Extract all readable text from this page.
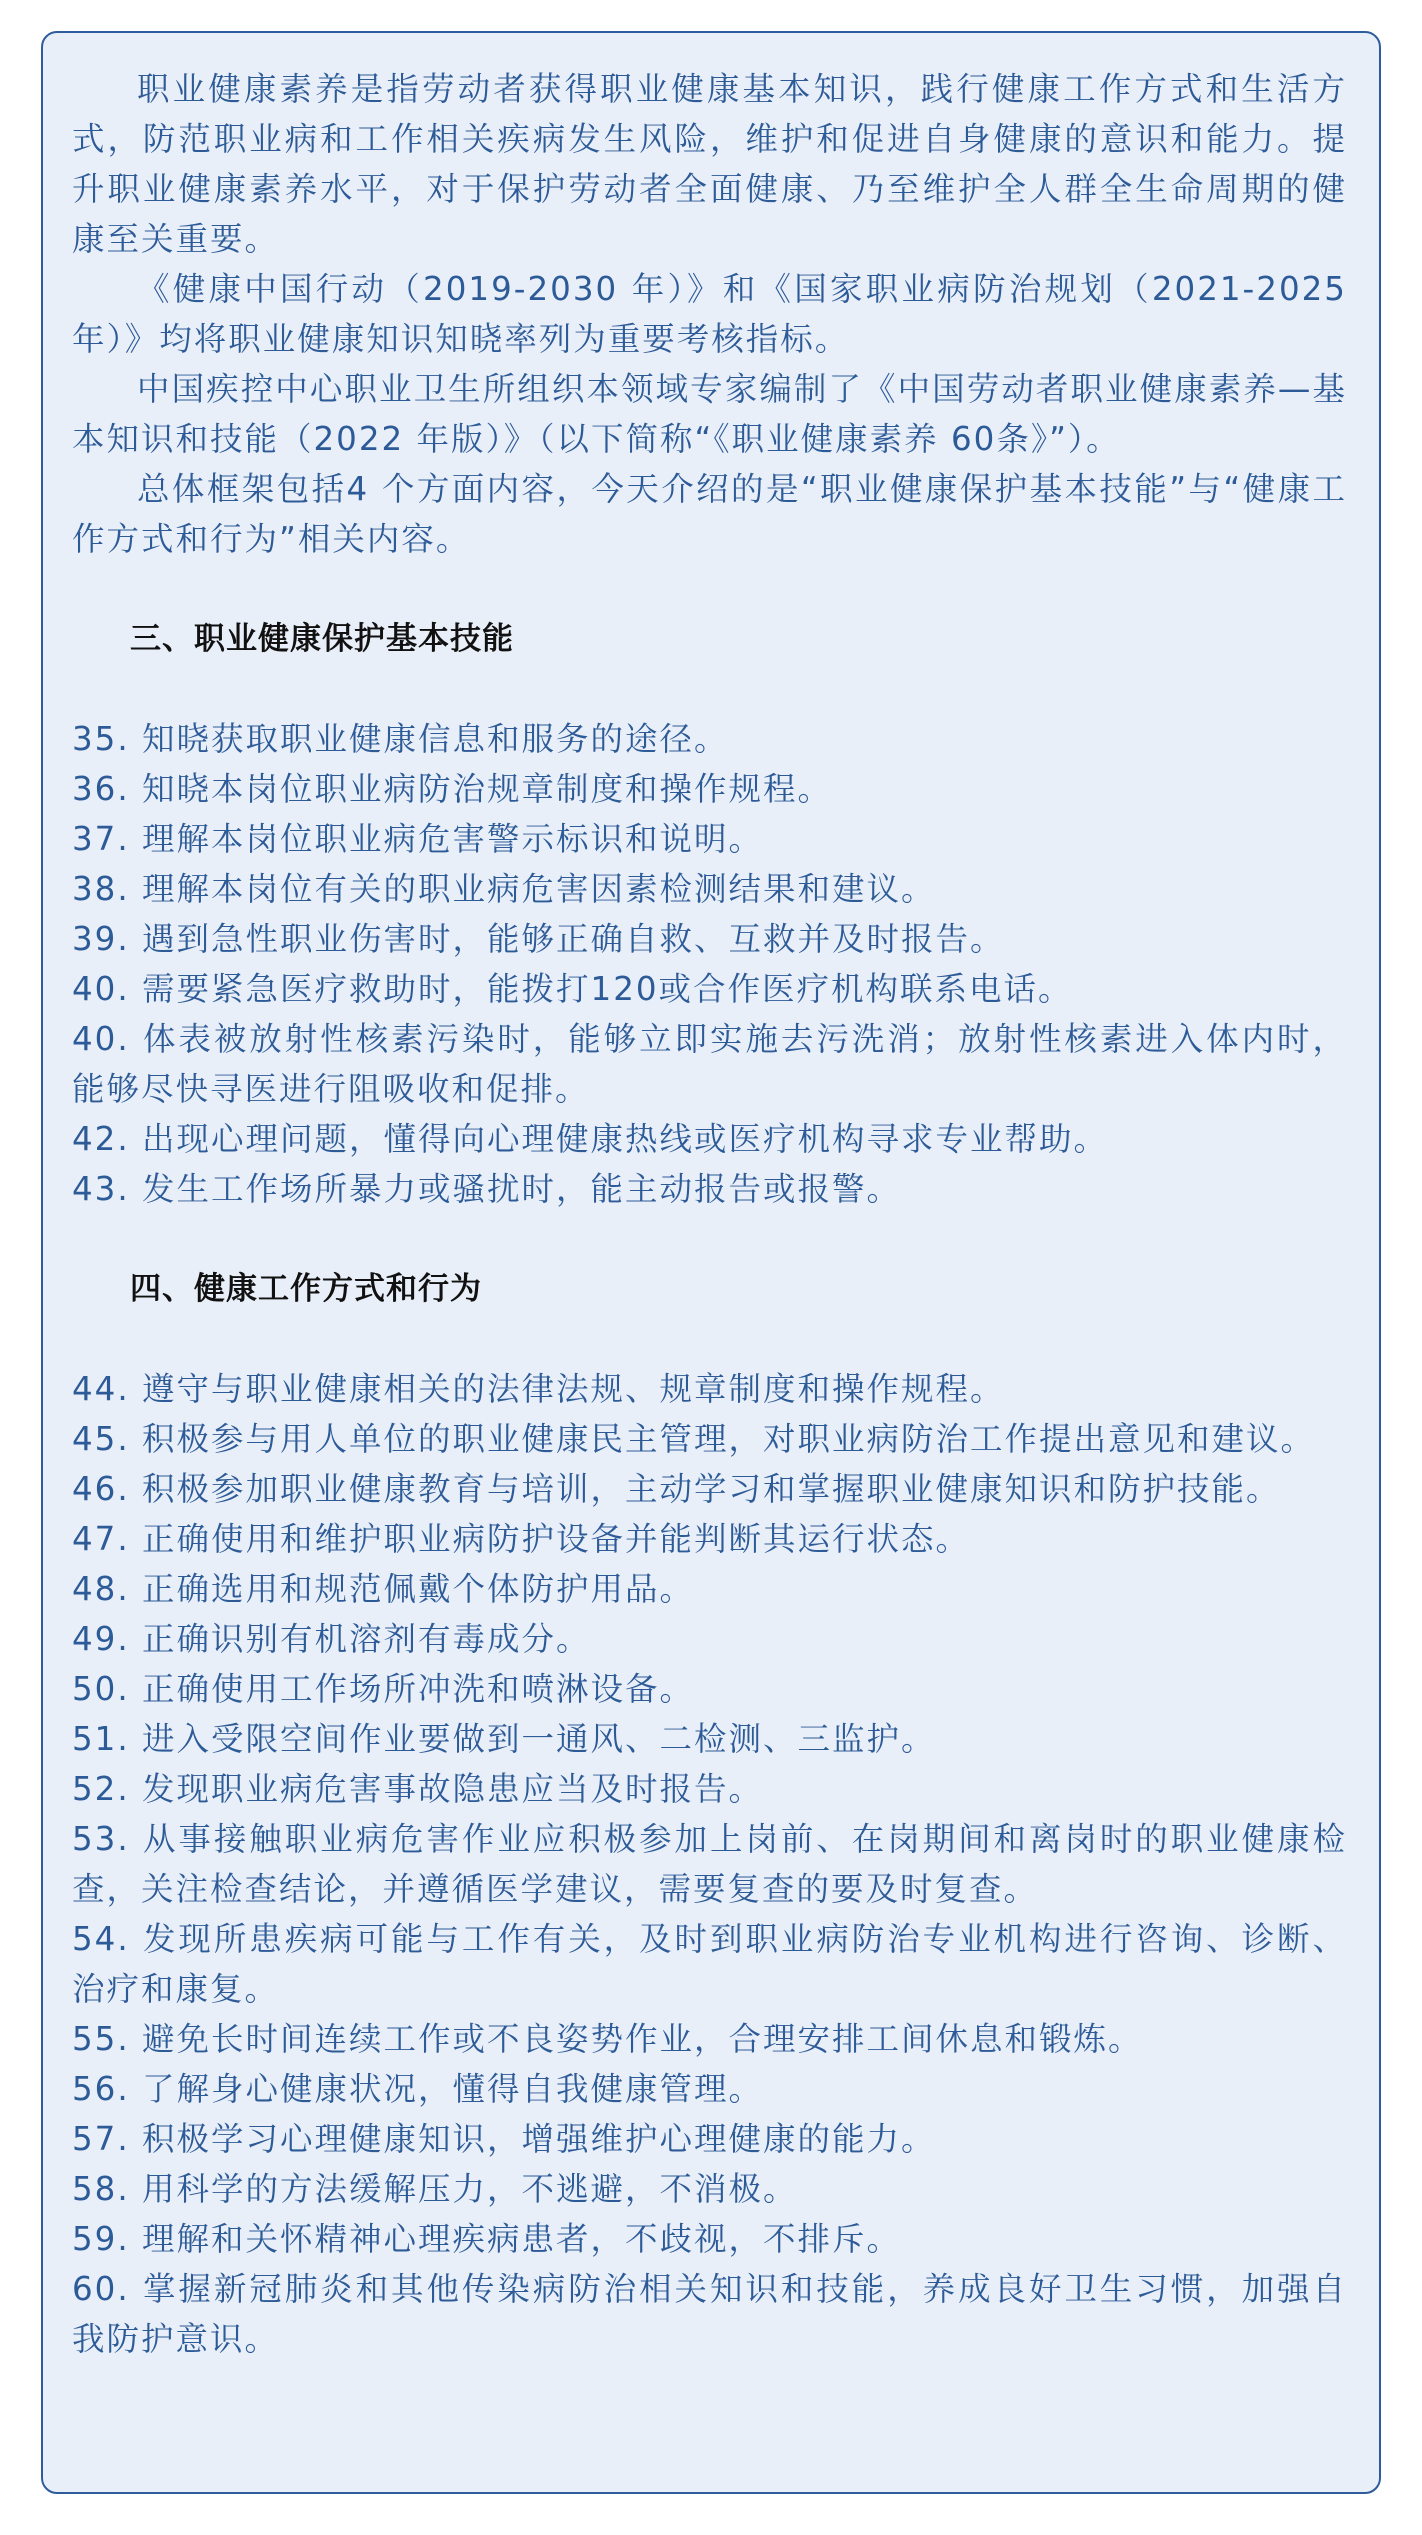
职业健康素养是指劳动者获得职业健康基本知识，践行健康工作方式和生活方式，防范职业病和工作相关疾病发生风险，维护和促进自身健康的意识和能力。提升职业健康素养水平，对于保护劳动者全面健康、乃至维护全人群全生命周期的健康至关重要。

《健康中国行动（2019-2030 年）》和《国家职业病防治规划（2021-2025 年）》均将职业健康知识知晓率列为重要考核指标。

中国疾控中心职业卫生所组织本领域专家编制了《中国劳动者职业健康素养—基本知识和技能（2022 年版）》（以下简称“《职业健康素养 60条》”）。

总体框架包括4 个方面内容，今天介绍的是“职业健康保护基本技能”与“健康工作方式和行为”相关内容。

三、职业健康保护基本技能

35. 知晓获取职业健康信息和服务的途径。

36. 知晓本岗位职业病防治规章制度和操作规程。

37. 理解本岗位职业病危害警示标识和说明。

38. 理解本岗位有关的职业病危害因素检测结果和建议。

39. 遇到急性职业伤害时，能够正确自救、互救并及时报告。

40. 需要紧急医疗救助时，能拨打120或合作医疗机构联系电话。

40. 体表被放射性核素污染时，能够立即实施去污洗消；放射性核素进入体内时，能够尽快寻医进行阻吸收和促排。

42. 出现心理问题，懂得向心理健康热线或医疗机构寻求专业帮助。

43. 发生工作场所暴力或骚扰时，能主动报告或报警。

四、健康工作方式和行为

44. 遵守与职业健康相关的法律法规、规章制度和操作规程。

45. 积极参与用人单位的职业健康民主管理，对职业病防治工作提出意见和建议。

46. 积极参加职业健康教育与培训，主动学习和掌握职业健康知识和防护技能。

47. 正确使用和维护职业病防护设备并能判断其运行状态。

48. 正确选用和规范佩戴个体防护用品。

49. 正确识别有机溶剂有毒成分。

50. 正确使用工作场所冲洗和喷淋设备。

51. 进入受限空间作业要做到一通风、二检测、三监护。

52. 发现职业病危害事故隐患应当及时报告。

53. 从事接触职业病危害作业应积极参加上岗前、在岗期间和离岗时的职业健康检查，关注检查结论，并遵循医学建议，需要复查的要及时复查。

54. 发现所患疾病可能与工作有关，及时到职业病防治专业机构进行咨询、诊断、治疗和康复。

55. 避免长时间连续工作或不良姿势作业，合理安排工间休息和锻炼。

56. 了解身心健康状况，懂得自我健康管理。

57. 积极学习心理健康知识，增强维护心理健康的能力。

58. 用科学的方法缓解压力，不逃避，不消极。

59. 理解和关怀精神心理疾病患者，不歧视，不排斥。

60. 掌握新冠肺炎和其他传染病防治相关知识和技能，养成良好卫生习惯，加强自我防护意识。
